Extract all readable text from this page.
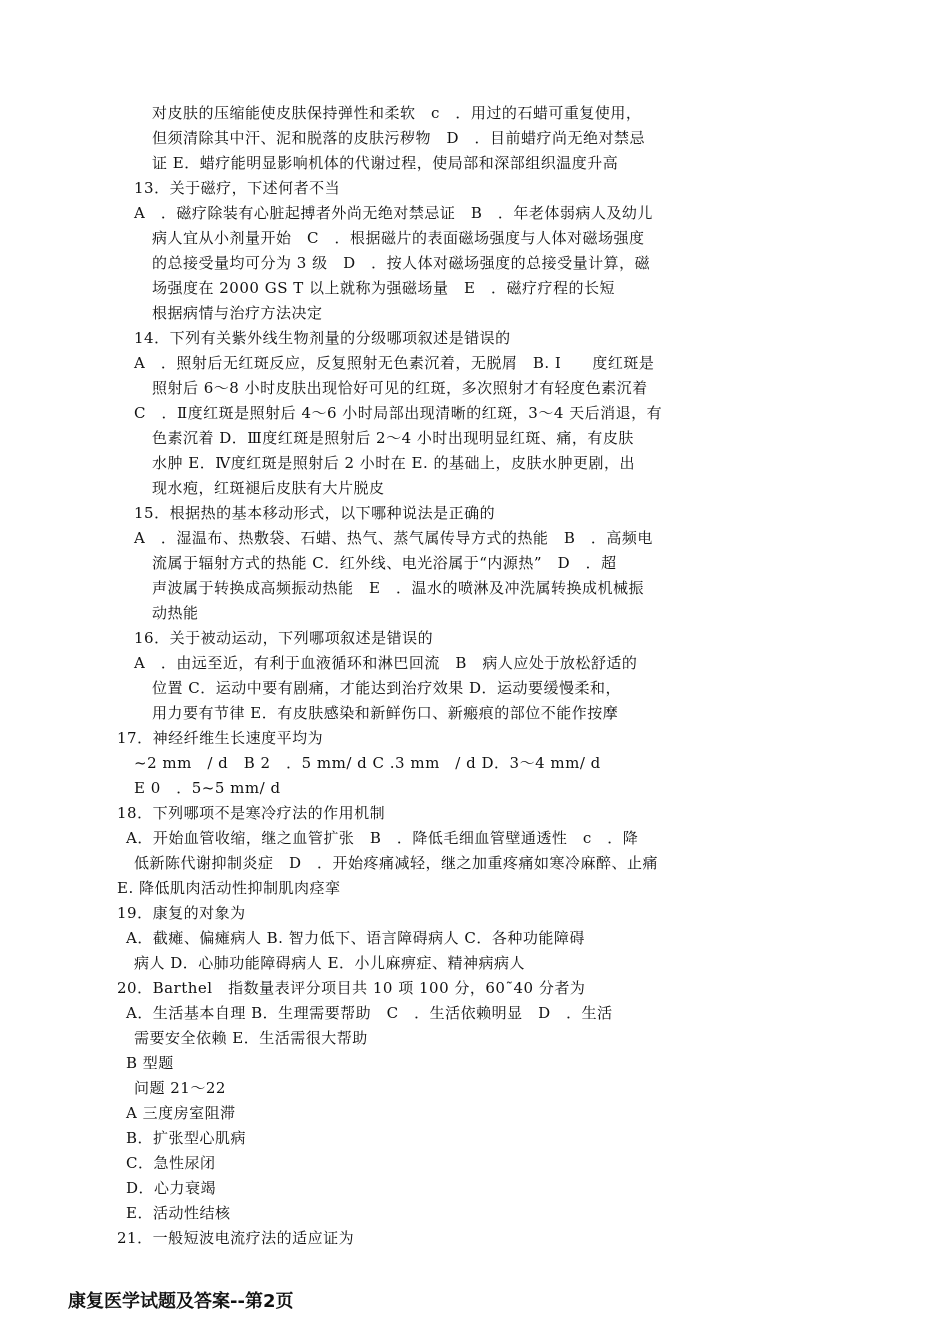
对皮肤的压缩能使皮肤保持弹性和柔软　c　．用过的石蜡可重复使用，
但须清除其中汗、泥和脱落的皮肤污秽物　D　．目前蜡疗尚无绝对禁忌
证 E．蜡疗能明显影响机体的代谢过程，使局部和深部组织温度升高
13．关于磁疗，下述何者不当
A　．磁疗除装有心脏起搏者外尚无绝对禁忌证　B　．年老体弱病人及幼儿
病人宜从小剂量开始　C　．根据磁片的表面磁场强度与人体对磁场强度
的总接受量均可分为 3 级　D　．按人体对磁场强度的总接受量计算，磁
场强度在 2000 GS T 以上就称为强磁场量　E　．磁疗疗程的长短
根据病情与治疗方法决定
14．下列有关紫外线生物剂量的分级哪项叙述是错误的
A　．照射后无红斑反应，反复照射无色素沉着，无脱屑　B. I　　度红斑是
照射后 6～8 小时皮肤出现恰好可见的红斑，多次照射才有轻度色素沉着
C　．Ⅱ度红斑是照射后 4～6 小时局部出现清晰的红斑，3～4 天后消退，有
色素沉着 D．Ⅲ度红斑是照射后 2～4 小时出现明显红斑、痛，有皮肤
水肿 E．Ⅳ度红斑是照射后 2 小时在 E. 的基础上，皮肤水肿更剧，出
现水疱，红斑褪后皮肤有大片脱皮
15．根据热的基本移动形式，以下哪种说法是正确的
A　．湿温布、热敷袋、石蜡、热气、蒸气属传导方式的热能　B　．高频电
流属于辐射方式的热能 C．红外线、电光浴属于“内源热”　D　．超
声波属于转换成高频振动热能　E　．温水的喷淋及冲洗属转换成机械振
动热能
16．关于被动运动，下列哪项叙述是错误的
A　．由远至近，有利于血液循环和淋巴回流　B　病人应处于放松舒适的
位置 C．运动中要有剧痛，才能达到治疗效果 D．运动要缓慢柔和，
用力要有节律 E．有皮肤感染和新鲜伤口、新瘢痕的部位不能作按摩
17．神经纤维生长速度平均为
~2 mm　/ d　B 2　．5 mm/ d C .3 mm　/ d D．3～4 mm/ d
E 0　．5~5 mm/ d
18．下列哪项不是寒冷疗法的作用机制
A．开始血管收缩，继之血管扩张　B　．降低毛细血管壁通透性　c　．降
低新陈代谢抑制炎症　D　．开始疼痛减轻，继之加重疼痛如寒冷麻醉、止痛
E. 降低肌肉活动性抑制肌肉痉挛
19．康复的对象为
A．截瘫、偏瘫病人 B. 智力低下、语言障碍病人 C．各种功能障碍
病人 D．心肺功能障碍病人 E．小儿麻痹症、精神病病人
20．Barthel　指数量表评分项目共 10 项 100 分，60˜40 分者为
A．生活基本自理 B．生理需要帮助　C　．生活依赖明显　D　．生活
需要安全依赖 E．生活需很大帮助
B 型题
问题 21～22
A 三度房室阻滞
B．扩张型心肌病
C．急性尿闭
D．心力衰竭
E．活动性结核
21．一般短波电流疗法的适应证为
康复医学试题及答案--第2页
